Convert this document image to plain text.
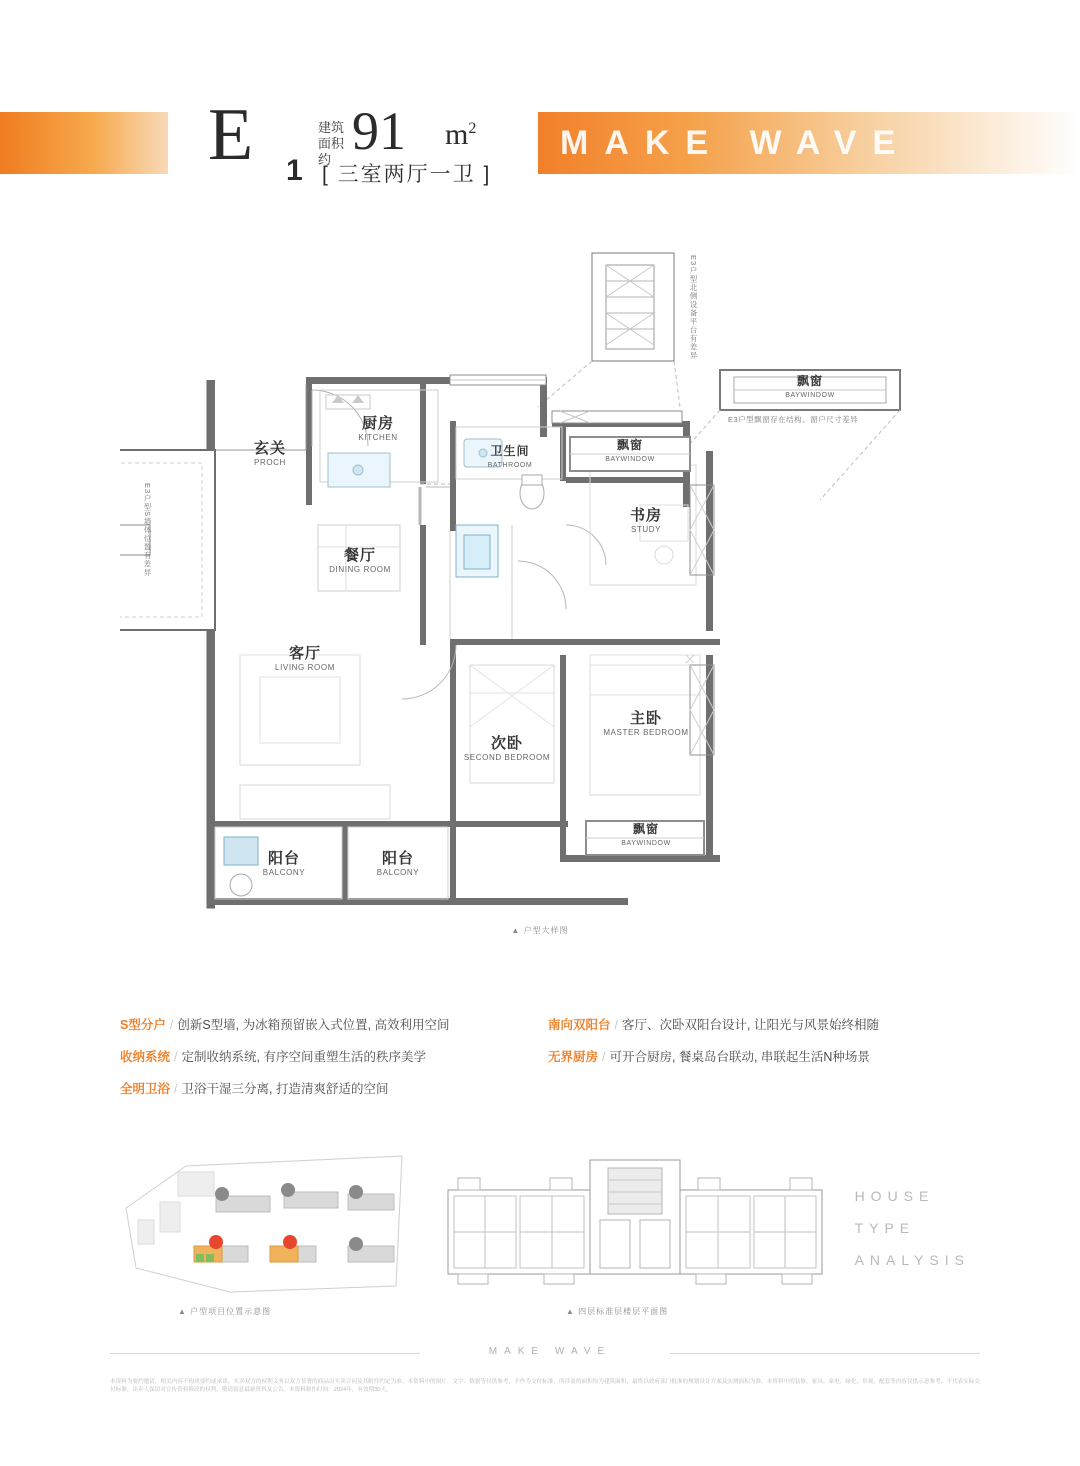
MAKE WAVE
E 1
建筑
面积约 91 $m^2$
[ 三室两厅一卫 ]
玄关
PROCH
厨房
KITCHEN
卫生间
BATHROOM
餐厅
DINING ROOM
客厅
LIVING ROOM
次卧
SECOND BEDROOM
主卧
MASTER BEDROOM
书房
STUDY
阳台
BALCONY
阳台
BALCONY
飘窗
BAYWINDOW
飘窗
BAYWINDOW
飘窗
BAYWINDOW
E3户型S墙体位置有差异
E3户型北侧设备平台有差异
E3户型飘窗存在结构、窗户尺寸差异
▲ 户型大样图
S型分户 / 创新S型墙, 为冰箱预留嵌入式位置, 高效利用空间
收纳系统 / 定制收纳系统, 有序空间重塑生活的秩序美学
全明卫浴 / 卫浴干湿三分离, 打造清爽舒适的空间
南向双阳台 / 客厅、次卧双阳台设计, 让阳光与风景始终相随
无界厨房 / 可开合厨房, 餐桌岛台联动, 串联起生活N种场景
▲ 户型项目位置示意图	▲ 四层标准层楼层平面图
HOUSE
TYPE
ANALYSIS
MAKE WAVE
本资料为要约邀请，相关内容不构成要约或承诺，买卖双方的权利义务以双方签署的商品房买卖合同及其附件约定为准。本资料中的图片、文字、数据等仅供参考，不作为交付标准，所涉及的面积均为建筑面积，最终以政府部门批准的规划设计方案及实测面积为准。本资料中的装修、家具、家电、绿化、景观、配套等内容仅供示意参考，不代表实际交付标准。出卖人保留对宣传资料修改的权利，敬请留意最新资料及公告。本资料制作时间：2024年，有效期30天。
